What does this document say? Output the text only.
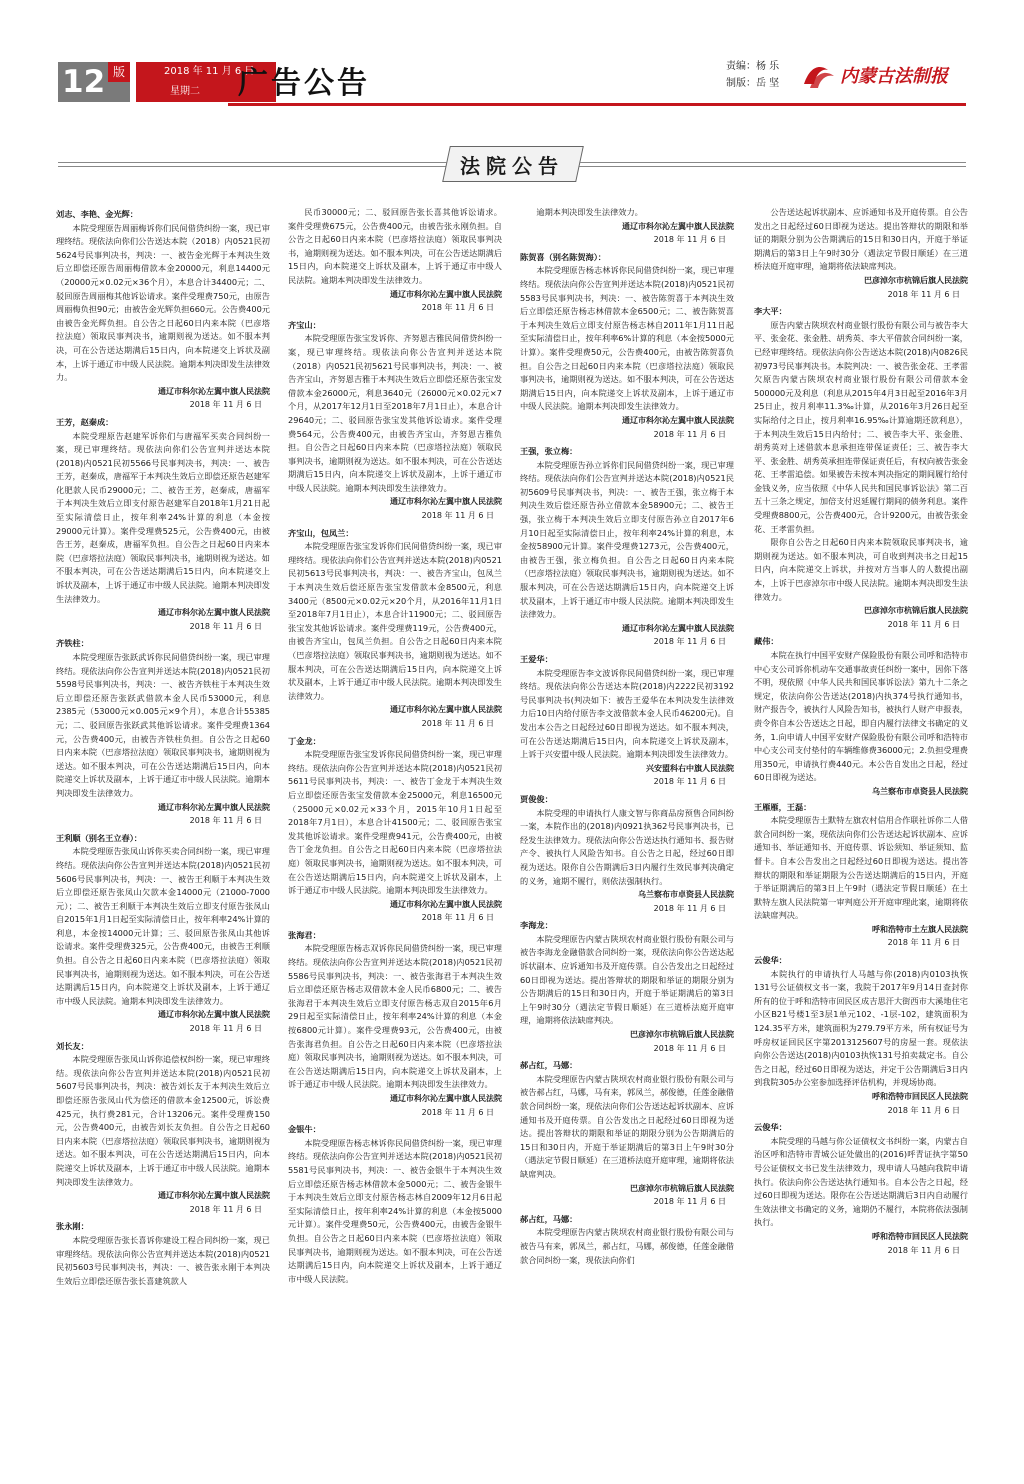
12 版	2018 年 11 月 6 日
星期二	广告公告	责编：杨 乐
制版：岳 坚	内蒙古法制报
法院公告
刘志、李艳、金光辉：

本院受理原告周丽梅诉你们民间借贷纠纷一案，现已审理终结。现依法向你们公告送达本院（2018）内0521民初5624号民事判决书，判决：一、被告金光辉于本判决生效后立即偿还原告周丽梅借款本金20000元，利息14400元（20000元×0.02元×36个月），本息合计34400元；二、驳回原告周丽梅其他诉讼请求。案件受理费750元，由原告周丽梅负担90元；由被告金光辉负担660元。公告费400元由被告金光辉负担。自公告之日起60日内来本院（巴彦塔拉法庭）领取民事判决书，逾期则视为送达。如不服本判决，可在公告送达期满后15日内，向本院递交上诉状及副本，上诉于通辽市中级人民法院。逾期本判决即发生法律效力。

通辽市科尔沁左翼中旗人民法院
2018 年 11 月 6 日
王芳，赵秦成：

本院受理原告赵建军诉你们与唐福军买卖合同纠纷一案，现已审理终结。现依法向你们公告宣判并送达本院(2018)内0521民初5566号民事判决书，判决：一、被告王芳，赵秦成，唐福军于本判决生效后立即偿还原告赵建军化肥款人民币29000元；二、被告王芳，赵秦成，唐福军于本判决生效后立即支付原告赵建军自2018年1月21日起至实际清偿日止，按年利率24%计算的利息（本金按29000元计算）。案件受理费525元，公告费400元，由被告王芳，赵秦成，唐福军负担。自公告之日起60日内来本院（巴彦塔拉法庭）领取民事判决书，逾期则视为送达。如不服本判决，可在公告送达期满后15日内，向本院递交上诉状及副本，上诉于通辽市中级人民法院。逾期本判决即发生法律效力。

通辽市科尔沁左翼中旗人民法院
2018 年 11 月 6 日
齐铁柱：

本院受理原告张跃武诉你民间借贷纠纷一案，现已审理终结。现依法向你公告宣判并送达本院(2018)内0521民初5598号民事判决书，判决：一、被告齐铁柱于本判决生效后立即偿还原告张跃武借款本金人民币53000元，利息2385元（53000元×0.005元×9个月），本息合计55385元；二、驳回原告张跃武其他诉讼请求。案件受理费1364元，公告费400元，由被告齐铁柱负担。自公告之日起60日内来本院（巴彦塔拉法庭）领取民事判决书，逾期则视为送达。如不服本判决，可在公告送达期满后15日内，向本院递交上诉状及副本，上诉于通辽市中级人民法院。逾期本判决即发生法律效力。

通辽市科尔沁左翼中旗人民法院
2018 年 11 月 6 日
王利顺（别名王立春）：

本院受理原告张凤山诉你买卖合同纠纷一案，现已审理终结。现依法向你公告宣判并送达本院(2018)内0521民初5606号民事判决书，判决：一、被告王利顺于本判决生效后立即偿还原告张凤山欠款本金14000元（21000-7000元）；二、被告王利顺于本判决生效后立即支付原告张凤山自2015年1月1日起至实际清偿日止，按年利率24%计算的利息，本金按14000元计算；三、驳回原告张凤山其他诉讼请求。案件受理费325元，公告费400元，由被告王利顺负担。自公告之日起60日内来本院（巴彦塔拉法庭）领取民事判决书，逾期则视为送达。如不服本判决，可在公告送达期满后15日内，向本院递交上诉状及副本，上诉于通辽市中级人民法院。逾期本判决即发生法律效力。

通辽市科尔沁左翼中旗人民法院
2018 年 11 月 6 日
刘长友：

本院受理原告张凤山诉你追偿权纠纷一案，现已审理终结。现依法向你公告宣判并送达本院(2018)内0521民初5607号民事判决书，判决：被告刘长友于本判决生效后立即偿还原告张凤山代为偿还的借款本金12500元，诉讼费425元，执行费281元，合计13206元。案件受理费150元，公告费400元，由被告刘长友负担。自公告之日起60日内来本院（巴彦塔拉法庭）领取民事判决书，逾期则视为送达。如不服本判决，可在公告送达期满后15日内，向本院递交上诉状及副本，上诉于通辽市中级人民法院。逾期本判决即发生法律效力。

通辽市科尔沁左翼中旗人民法院
2018 年 11 月 6 日
张永刚：

本院受理原告张长喜诉你建设工程合同纠纷一案，现已审理终结。现依法向你公告宣判并送达本院(2018)内0521民初5603号民事判决书，判决：一、被告张永刚于本判决生效后立即偿还原告张长喜建筑款人

民币30000元；二、驳回原告张长喜其他诉讼请求。案件受理费675元，公告费400元，由被告张永刚负担。自公告之日起60日内来本院（巴彦塔拉法庭）领取民事判决书，逾期则视为送达。如不服本判决，可在公告送达期满后15日内，向本院递交上诉状及副本，上诉于通辽市中级人民法院。逾期本判决即发生法律效力。

通辽市科尔沁左翼中旗人民法院
2018 年 11 月 6 日
齐宝山：

本院受理原告张宝发诉你、齐努恩吉雅民间借贷纠纷一案，现已审理终结。现依法向你公告宣判并送达本院（2018）内0521民初5621号民事判决书，判决：一、被告齐宝山，齐努恩吉雅于本判决生效后立即偿还原告张宝发借款本金26000元，利息3640元（26000元×0.02元×7个月，从2017年12月1日至2018年7月1日止），本息合计29640元；二、驳回原告张宝发其他诉讼请求。案件受理费564元，公告费400元，由被告齐宝山，齐努恩吉雅负担。自公告之日起60日内来本院（巴彦塔拉法庭）领取民事判决书，逾期则视为送达。如不服本判决，可在公告送达期满后15日内，向本院递交上诉状及副本，上诉于通辽市中级人民法院。逾期本判决即发生法律效力。

通辽市科尔沁左翼中旗人民法院
2018 年 11 月 6 日
齐宝山，包凤兰：

本院受理原告张宝发诉你们民间借贷纠纷一案，现已审理终结。现依法向你们公告宣判并送达本院(2018)内0521民初5613号民事判决书，判决：一、被告齐宝山，包凤兰于本判决生效后偿还原告张宝发借款本金8500元，利息3400元（8500元×0.02元×20个月，从2016年11月1日至2018年7月1日止），本息合计11900元；二、驳回原告张宝发其他诉讼请求。案件受理费119元，公告费400元，由被告齐宝山，包凤兰负担。自公告之日起60日内来本院（巴彦塔拉法庭）领取民事判决书，逾期则视为送达。如不服本判决，可在公告送达期满后15日内，向本院递交上诉状及副本，上诉于通辽市中级人民法院。逾期本判决即发生法律效力。

通辽市科尔沁左翼中旗人民法院
2018 年 11 月 6 日
丁金龙：

本院受理原告张宝发诉你民间借贷纠纷一案，现已审理终结。现依法向你公告宣判并送达本院(2018)内0521民初5611号民事判决书，判决：一、被告丁金龙于本判决生效后立即偿还原告张宝发借款本金25000元，利息16500元（25000元×0.02元×33个月，2015年10月1日起至2018年7月1日），本息合计41500元；二、驳回原告张宝发其他诉讼请求。案件受理费941元，公告费400元，由被告丁金龙负担。自公告之日起60日内来本院（巴彦塔拉法庭）领取民事判决书，逾期则视为送达。如不服本判决，可在公告送达期满后15日内，向本院递交上诉状及副本，上诉于通辽市中级人民法院。逾期本判决即发生法律效力。

通辽市科尔沁左翼中旗人民法院
2018 年 11 月 6 日
张海君：

本院受理原告杨志双诉你民间借贷纠纷一案，现已审理终结。现依法向你公告宣判并送达本院(2018)内0521民初5586号民事判决书，判决：一、被告张海君于本判决生效后立即偿还原告杨志双借款本金人民币6800元；二、被告张海君于本判决生效后立即支付原告杨志双自2015年6月29日起至实际清偿日止，按年利率24%计算的利息（本金按6800元计算）。案件受理费93元，公告费400元，由被告张海君负担。自公告之日起60日内来本院（巴彦塔拉法庭）领取民事判决书，逾期则视为送达。如不服本判决，可在公告送达期满后15日内，向本院递交上诉状及副本，上诉于通辽市中级人民法院。逾期本判决即发生法律效力。

通辽市科尔沁左翼中旗人民法院
2018 年 11 月 6 日
金银牛：

本院受理原告杨志林诉你民间借贷纠纷一案，现已审理终结。现依法向你公告宣判并送达本院(2018)内0521民初5581号民事判决书，判决：一、被告金银牛于本判决生效后立即偿还原告杨志林借款本金5000元；二、被告金银牛于本判决生效后立即支付原告杨志林自2009年12月6日起至实际清偿日止，按年利率24%计算的利息（本金按5000元计算）。案件受理费50元，公告费400元，由被告金银牛负担。自公告之日起60日内来本院（巴彦塔拉法庭）领取民事判决书，逾期则视为送达。如不服本判决，可在公告送达期满后15日内，向本院递交上诉状及副本，上诉于通辽市中级人民法院。

逾期本判决即发生法律效力。

通辽市科尔沁左翼中旗人民法院
2018 年 11 月 6 日
陈贺喜（别名陈贺海）：

本院受理原告杨志林诉你民间借贷纠纷一案，现已审理终结。现依法向你公告宣判并送达本院(2018)内0521民初5583号民事判决书，判决：一、被告陈贺喜于本判决生效后立即偿还原告杨志林借款本金6500元；二、被告陈贺喜于本判决生效后立即支付原告杨志林自2011年1月11日起至实际清偿日止，按年利率6%计算的利息（本金按5000元计算）。案件受理费50元，公告费400元，由被告陈贺喜负担。自公告之日起60日内来本院（巴彦塔拉法庭）领取民事判决书，逾期则视为送达。如不服本判决，可在公告送达期满后15日内，向本院递交上诉状及副本，上诉于通辽市中级人民法院。逾期本判决即发生法律效力。

通辽市科尔沁左翼中旗人民法院
2018 年 11 月 6 日
王强，张立梅：

本院受理原告孙立诉你们民间借贷纠纷一案，现已审理终结。现依法向你们公告宣判并送达本院(2018)内0521民初5609号民事判决书，判决：一、被告王强，张立梅于本判决生效后偿还原告孙立借款本金58900元；二、被告王强，张立梅于本判决生效后立即支付原告孙立自2017年6月10日起至实际清偿日止，按年利率24%计算的利息，本金按58900元计算。案件受理费1273元，公告费400元，由被告王强，张立梅负担。自公告之日起60日内来本院（巴彦塔拉法庭）领取民事判决书，逾期则视为送达。如不服本判决，可在公告送达期满后15日内，向本院递交上诉状及副本，上诉于通辽市中级人民法院。逾期本判决即发生法律效力。

通辽市科尔沁左翼中旗人民法院
2018 年 11 月 6 日
王爱华：

本院受理原告李文波诉你民间借贷纠纷一案，现已审理终结。现依法向你公告送达本院(2018)内2222民初3192号民事判决书(判决如下：被告王爱华在本判决发生法律效力后10日内给付原告李文波借款本金人民币46200元)。自发出本公告之日起经过60日即视为送达。如不服本判决，可在公告送达期满后15日内，向本院递交上诉状及副本，上诉于兴安盟中级人民法院。逾期本判决即发生法律效力。

兴安盟科右中旗人民法院
2018 年 11 月 6 日
贾俊俊：

本院受理的申请执行人康文智与你商品房预售合同纠纷一案，本院作出的(2018)内0921执362号民事判决书，已经发生法律效力。现依法向你公告送达执行通知书、报告财产令、被执行人风险告知书。自公告之日起，经过60日即视为送达。限你自公告期满后3日内履行生效民事判决确定的义务，逾期不履行，则依法强制执行。

乌兰察布市卓资县人民法院
2018 年 11 月 6 日
李海龙：

本院受理原告内蒙古陕坝农村商业银行股份有限公司与被告李海龙金融借款合同纠纷一案，现依法向你公告送达起诉状副本、应诉通知书及开庭传票。自公告发出之日起经过60日即视为送达。提出答辩状的期限和举证的期限分别为公告期满后的15日和30日内，开庭于举证期满后的第3日上午9时30分（遇法定节假日顺延）在三道桥法庭开庭审理，逾期将依法缺席判决。

巴彦淖尔市杭锦后旗人民法院
2018 年 11 月 6 日
郝占红，马娜：

本院受理原告内蒙古陕坝农村商业银行股份有限公司与被告郝占红，马娜，马有来，郭凤兰，郝俊德，任莲金融借款合同纠纷一案，现依法向你们公告送达起诉状副本、应诉通知书及开庭传票。自公告发出之日起经过60日即视为送达。提出答辩状的期限和举证的期限分别为公告期满后的15日和30日内，开庭于举证期满后的第3日上午9时30分（遇法定节假日顺延）在三道桥法庭开庭审理，逾期将依法缺席判决。

巴彦淖尔市杭锦后旗人民法院
2018 年 11 月 6 日
郝占红，马娜：

本院受理原告内蒙古陕坝农村商业银行股份有限公司与被告马有来，郭凤兰，郝占红，马娜，郝俊德，任莲金融借款合同纠纷一案，现依法向你们

公告送达起诉状副本、应诉通知书及开庭传票。自公告发出之日起经过60日即视为送达。提出答辩状的期限和举证的期限分别为公告期满后的15日和30日内，开庭于举证期满后的第3日上午9时30分（遇法定节假日顺延）在三道桥法庭开庭审理，逾期将依法缺席判决。

巴彦淖尔市杭锦后旗人民法院
2018 年 11 月 6 日
李大平：

原告内蒙古陕坝农村商业银行股份有限公司与被告李大平、张金花、张金胜、胡秀英、李大平借款合同纠纷一案，已经审理终结。现依法向你公告送达本院(2018)内0826民初973号民事判决书。本院判决：一、被告张金花、王孝雷欠原告内蒙古陕坝农村商业银行股份有限公司借款本金500000元及利息（利息从2015年4月3日起至2016年3月25日止，按月利率11.3‰计算，从2016年3月26日起至实际给付之日止，按月利率16.95‰计算逾期还款利息），于本判决生效后15日内给付；二、被告李大平、张金胜、胡秀英对上述借款本息承担连带保证责任；三、被告李大平、张金胜、胡秀英承担连带保证责任后，有权向被告张金花、王孝雷追偿。如果被告未按本判决指定的期间履行给付金钱义务，应当依照《中华人民共和国民事诉讼法》第二百五十三条之规定，加倍支付迟延履行期间的债务利息。案件受理费8800元，公告费400元，合计9200元，由被告张金花、王孝雷负担。

限你自公告之日起60日内来本院领取民事判决书，逾期则视为送达。如不服本判决，可自收到判决书之日起15日内，向本院递交上诉状，并按对方当事人的人数提出副本，上诉于巴彦淖尔市中级人民法院。逾期本判决即发生法律效力。

巴彦淖尔市杭锦后旗人民法院
2018 年 11 月 6 日
藏伟：

本院在执行中国平安财产保险股份有限公司呼和浩特市中心支公司诉你机动车交通事故责任纠纷一案中，因你下落不明，现依照《中华人民共和国民事诉讼法》第九十二条之规定，依法向你公告送达(2018)内执374号执行通知书，财产报告令，被执行人风险告知书，被执行人财产申报表，责令你自本公告送达之日起，即自内履行法律文书确定的义务，1.向申请人中国平安财产保险股份有限公司呼和浩特市中心支公司支付垫付的车辆维修费36000元；2.负担受理费用350元，申请执行费440元。本公告自发出之日起，经过60日即视为送达。

乌兰察布市卓资县人民法院
王雁雁，王磊：

本院受理原告土默特左旗农村信用合作联社诉你二人借款合同纠纷一案，现依法向你们公告送达起诉状副本、应诉通知书、举证通知书、开庭传票、诉讼须知、举证须知、监督卡。自本公告发出之日起经过60日即视为送达。提出答辩状的期限和举证期限为公告送达期满后的15日内，开庭于举证期满后的第3日上午9时（遇法定节假日顺延）在土默特左旗人民法院第一审判庭公开开庭审理此案，逾期将依法缺席判决。

呼和浩特市土左旗人民法院
2018 年 11 月 6 日
云俊华：

本院执行的申请执行人马越与你(2018)内0103执恢131号公证债权文书一案，我院于2017年9月14日查封你所有的位于呼和浩特市回民区成吉思汗大街西市大溪地住宅小区B21号楼1至3层1单元102、-1层-102，建筑面积为124.35平方米，建筑面积为279.79平方米，所有权证号为呼房权证回民区字第2013125607号的房屋一套。现依法向你公告送达(2018)内0103执恢131号拍卖裁定书。自公告之日起，经过60日即视为送达，并定于公告期满后3日内到我院305办公室参加选择评估机构，并现场协商。

呼和浩特市回民区人民法院
2018 年 11 月 6 日
云俊华：

本院受理的马越与你公证债权文书纠纷一案，内蒙古自治区呼和浩特市青城公证处做出的(2016)呼青证执字第50号公证债权文书已发生法律效力，现申请人马越向我院申请执行。依法向你公告送达执行通知书。自本公告之日起，经过60日即视为送达。限你在公告送达期满后3日内自动履行生效法律文书确定的义务，逾期仍不履行，本院将依法强制执行。

呼和浩特市回民区人民法院
2018 年 11 月 6 日
